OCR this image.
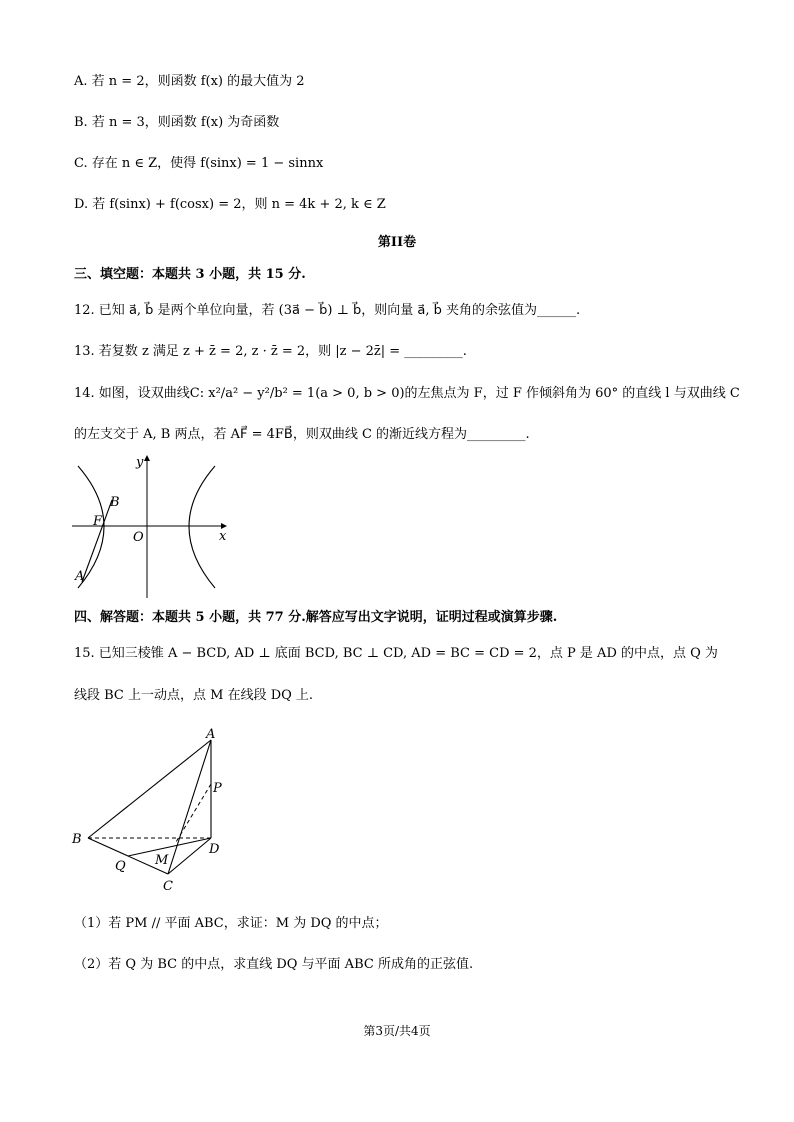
A. 若 n = 2，则函数 f(x) 的最大值为 2
B. 若 n = 3，则函数 f(x) 为奇函数
C. 存在 n ∈ Z，使得 f(sinx) = 1 − sinnx
D. 若 f(sinx) + f(cosx) = 2，则 n = 4k + 2, k ∈ Z
第II卷
三、填空题：本题共 3 小题，共 15 分.
12. 已知 a⃗, b⃗ 是两个单位向量，若 (3a⃗ − b⃗) ⊥ b⃗，则向量 a⃗, b⃗ 夹角的余弦值为______.
13. 若复数 z 满足 z + z̄ = 2, z · z̄ = 2，则 |z − 2z̄| = _________.
14. 如图，设双曲线C: x²/a² − y²/b² = 1(a > 0, b > 0)的左焦点为 F，过 F 作倾斜角为 60° 的直线 l 与双曲线 C
的左支交于 A, B 两点，若 AF⃗ = 4FB⃗，则双曲线 C 的渐近线方程为_________.
y
x
O
B
F
A
四、解答题：本题共 5 小题，共 77 分.解答应写出文字说明，证明过程或演算步骤.
15. 已知三棱锥 A − BCD, AD ⊥ 底面 BCD, BC ⊥ CD, AD = BC = CD = 2，点 P 是 AD 的中点，点 Q 为
线段 BC 上一动点，点 M 在线段 DQ 上.
A
P
B
D
Q M
C
（1）若 PM // 平面 ABC，求证：M 为 DQ 的中点；
（2）若 Q 为 BC 的中点，求直线 DQ 与平面 ABC 所成角的正弦值.
第3页/共4页
